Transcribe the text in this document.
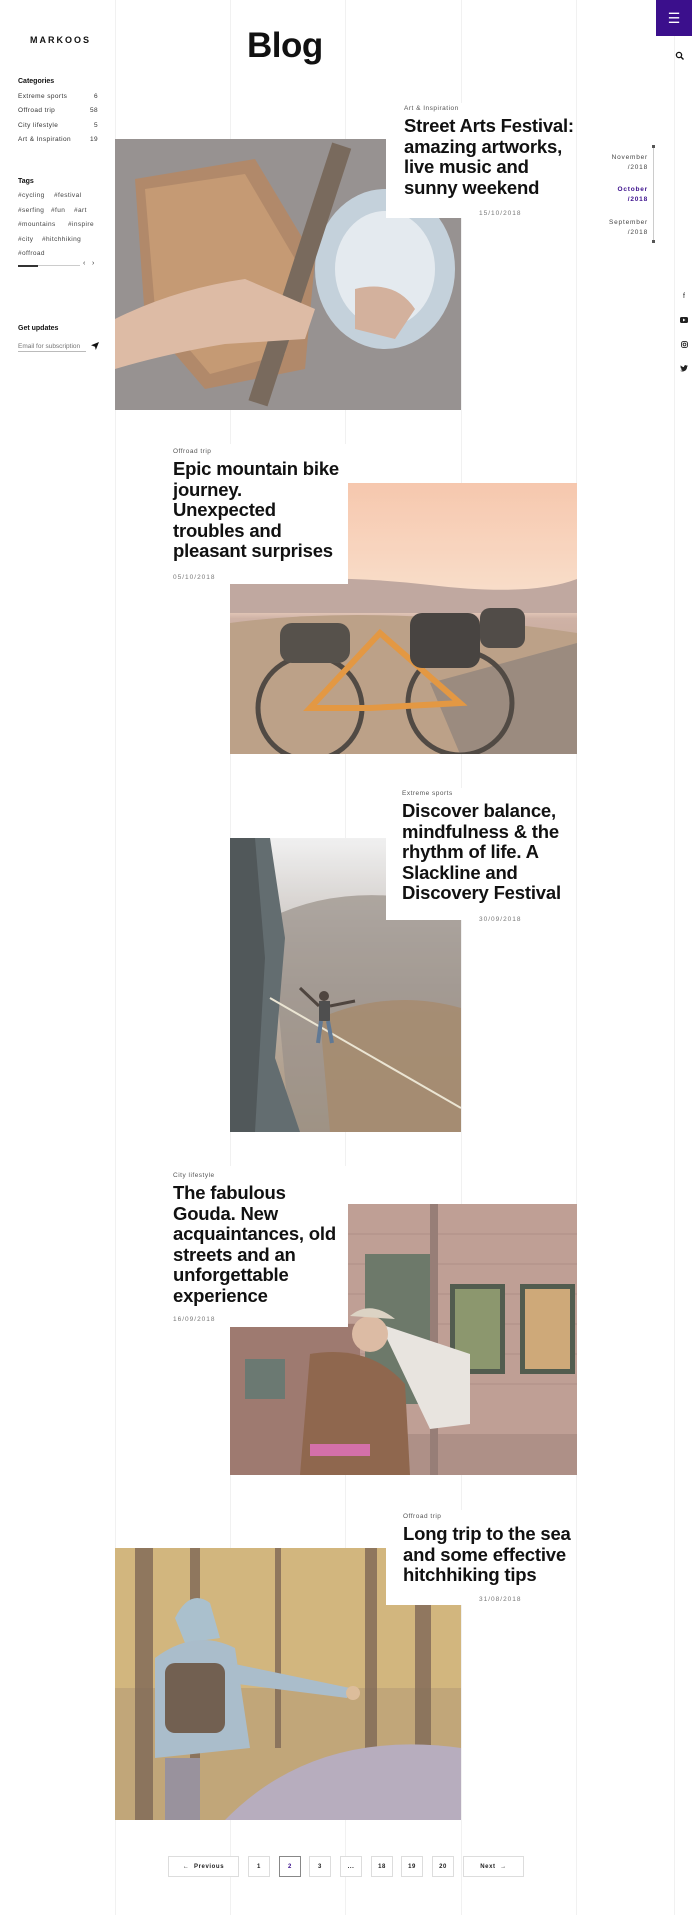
MARKOOS	Blog
☰
Categories
Extreme sports	6
Offroad trip	58
City lifestyle	5
Art & Inspiration	19
Tags
#cycling #festival
#serfing #fun #art
#mountains #inspire
#city #hitchhiking
#offroad
‹ ›
Get updates
Email for subscription
November
/2018
October
/2018
September
/2018
f
Art & Inspiration
Street Arts Festival: amazing artworks, live music and sunny weekend
15/10/2018
Offroad trip
Epic mountain bike journey. Unexpected troubles and pleasant surprises
05/10/2018
Extreme sports
Discover balance, mindfulness & the rhythm of life. A Slackline and Discovery Festival
30/09/2018
City lifestyle
The fabulous Gouda. New acquaintances, old streets and an unforgettable experience
16/09/2018
Offroad trip
Long trip to the sea and some effective hitchhiking tips
31/08/2018
← Previous	1	2	3	...	18	19	20	Next →
